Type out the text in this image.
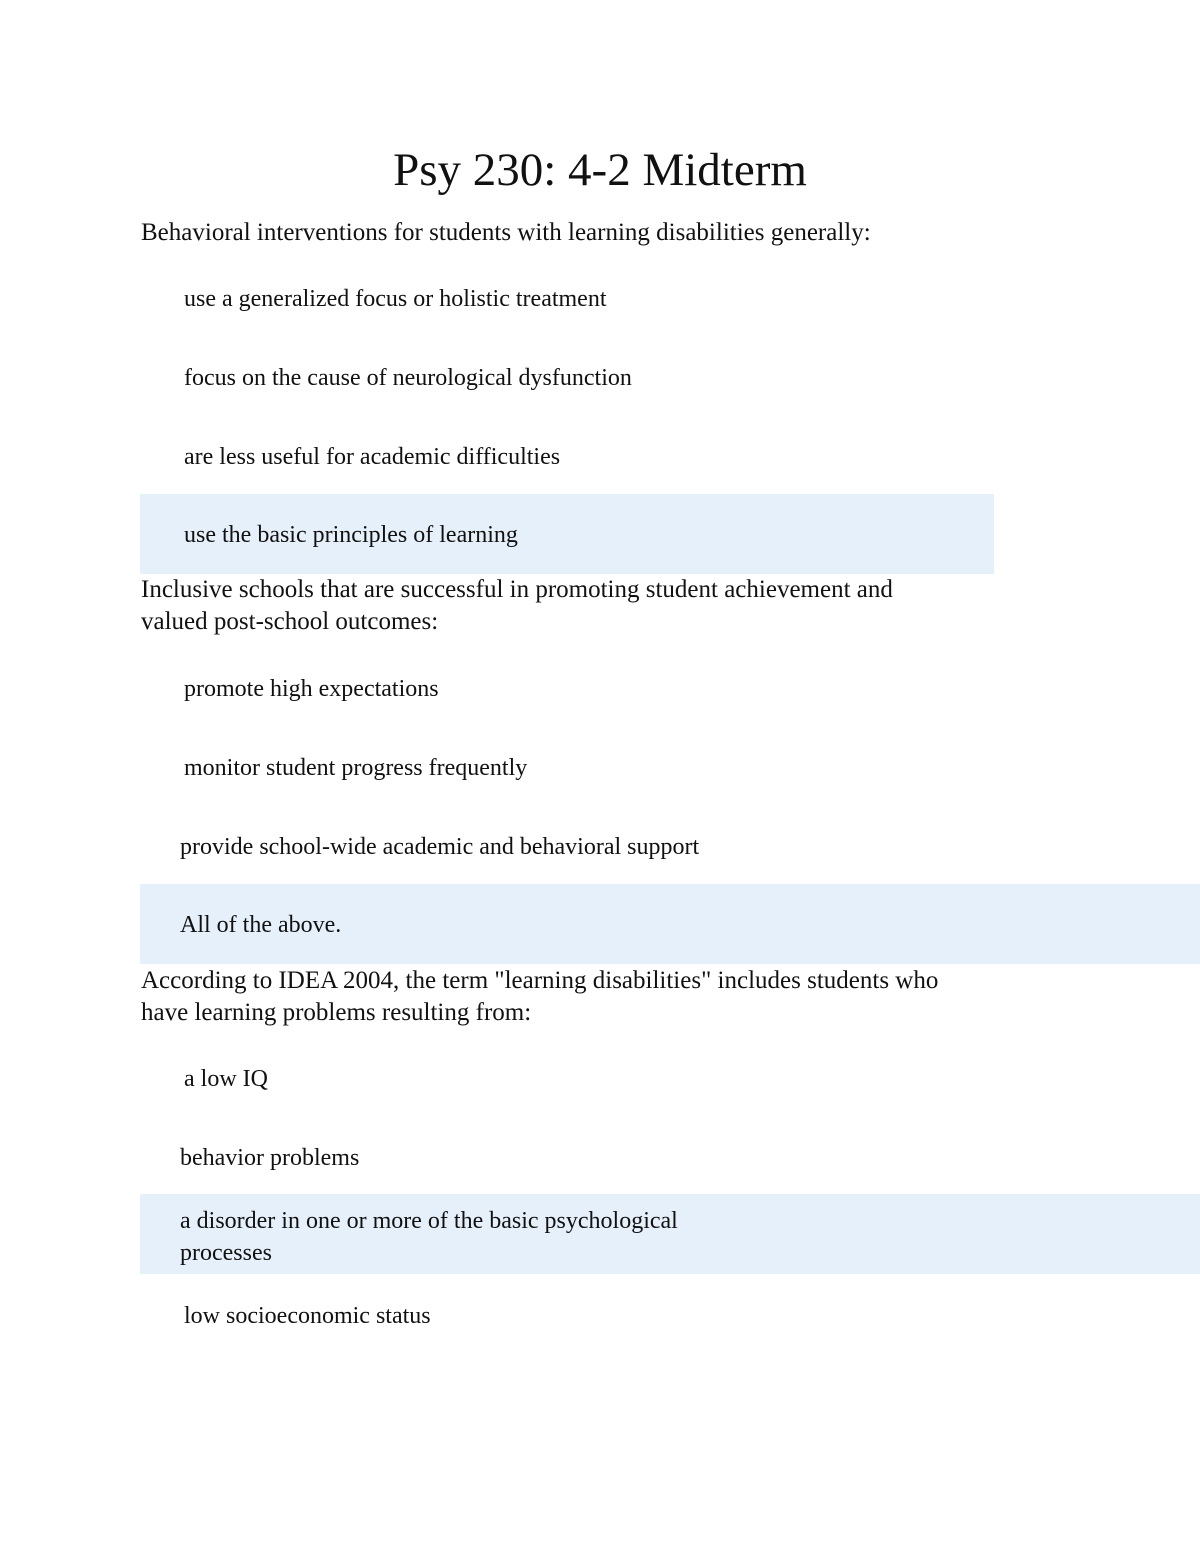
Psy 230: 4-2 Midterm
Behavioral interventions for students with learning disabilities generally:
use a generalized focus or holistic treatment
focus on the cause of neurological dysfunction
are less useful for academic difficulties
use the basic principles of learning
Inclusive schools that are successful in promoting student achievement and
valued post-school outcomes:
promote high expectations
monitor student progress frequently
provide school-wide academic and behavioral support
All of the above.
According to IDEA 2004, the term "learning disabilities" includes students who
have learning problems resulting from:
a low IQ
behavior problems
a disorder in one or more of the basic psychological
processes
low socioeconomic status
